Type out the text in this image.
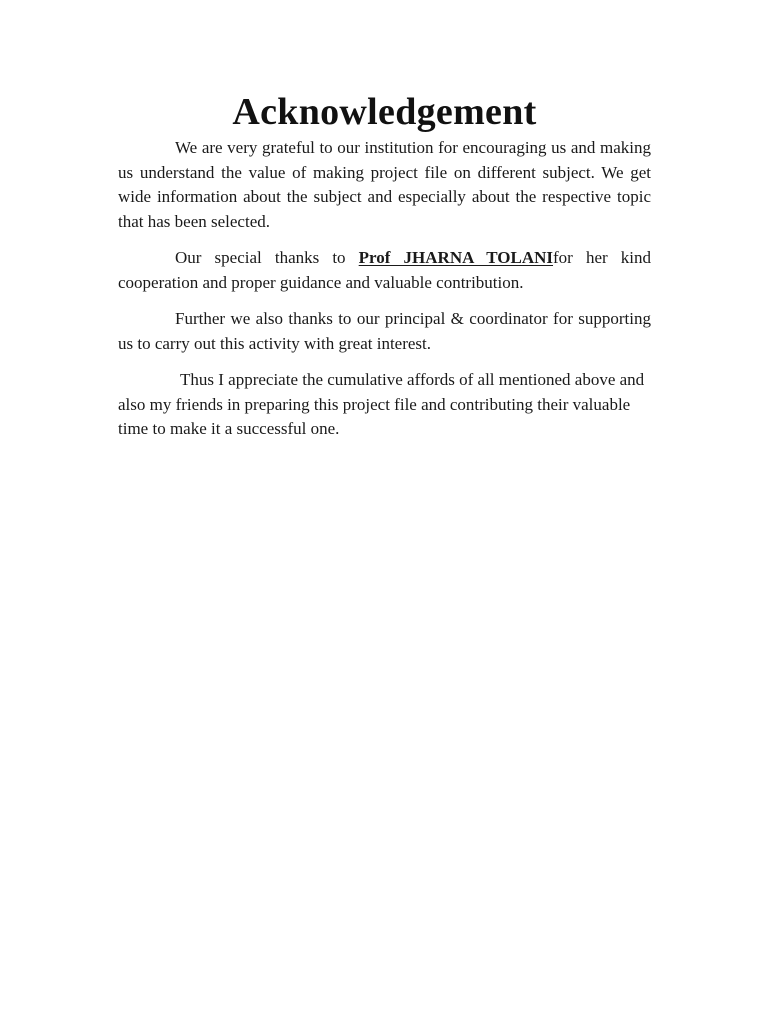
Acknowledgement

We are very grateful to our institution for encouraging us and making us understand the value of making project file on different subject. We get wide information about the subject and especially about the respective topic that has been selected.

Our special thanks to Prof JHARNA TOLANIfor her kind cooperation and proper guidance and valuable contribution.

Further we also thanks to our principal & coordinator for supporting us to carry out this activity with great interest.

Thus I appreciate the cumulative affords of all mentioned above and also my friends in preparing this project file and contributing their valuable time to make it a successful one.
